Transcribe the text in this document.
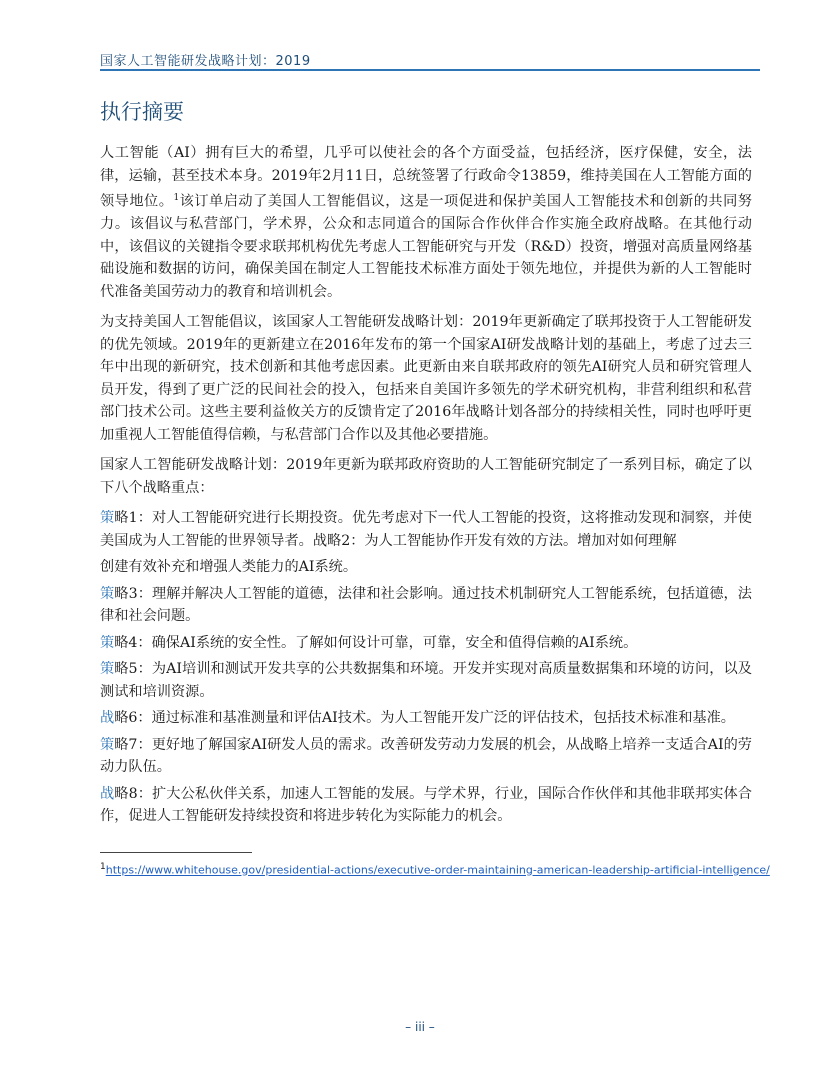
国家人工智能研发战略计划：2019
执行摘要

人工智能（AI）拥有巨大的希望，几乎可以使社会的各个方面受益，包括经济，医疗保健，安全，法律，运输，甚至技术本身。2019年2月11日，总统签署了行政命令13859，维持美国在人工智能方面的领导地位。$^1$该订单启动了美国人工智能倡议，这是一项促进和保护美国人工智能技术和创新的共同努力。该倡议与私营部门，学术界，公众和志同道合的国际合作伙伴合作实施全政府战略。在其他行动中，该倡议的关键指令要求联邦机构优先考虑人工智能研究与开发（R&D）投资，增强对高质量网络基础设施和数据的访问，确保美国在制定人工智能技术标准方面处于领先地位，并提供为新的人工智能时代准备美国劳动力的教育和培训机会。

为支持美国人工智能倡议，该国家人工智能研发战略计划：2019年更新确定了联邦投资于人工智能研发的优先领域。2019年的更新建立在2016年发布的第一个国家AI研发战略计划的基础上，考虑了过去三年中出现的新研究，技术创新和其他考虑因素。此更新由来自联邦政府的领先AI研究人员和研究管理人员开发，得到了更广泛的民间社会的投入，包括来自美国许多领先的学术研究机构，非营利组织和私营部门技术公司。这些主要利益攸关方的反馈肯定了2016年战略计划各部分的持续相关性，同时也呼吁更加重视人工智能值得信赖，与私营部门合作以及其他必要措施。

国家人工智能研发战略计划：2019年更新为联邦政府资助的人工智能研究制定了一系列目标，确定了以下八个战略重点：

策略1：对人工智能研究进行长期投资。优先考虑对下一代人工智能的投资，这将推动发现和洞察，并使美国成为人工智能的世界领导者。战略2：为人工智能协作开发有效的方法。增加对如何理解
创建有效补充和增强人类能力的AI系统。
策略3：理解并解决人工智能的道德，法律和社会影响。通过技术机制研究人工智能系统，包括道德，法律和社会问题。
策略4：确保AI系统的安全性。了解如何设计可靠，可靠，安全和值得信赖的AI系统。
策略5：为AI培训和测试开发共享的公共数据集和环境。开发并实现对高质量数据集和环境的访问，以及测试和培训资源。
战略6：通过标准和基准测量和评估AI技术。为人工智能开发广泛的评估技术，包括技术标准和基准。
策略7：更好地了解国家AI研发人员的需求。改善研发劳动力发展的机会，从战略上培养一支适合AI的劳动力队伍。
战略8：扩大公私伙伴关系，加速人工智能的发展。与学术界，行业，国际合作伙伴和其他非联邦实体合作，促进人工智能研发持续投资和将进步转化为实际能力的机会。
$^1$https://www.whitehouse.gov/presidential-actions/executive-order-maintaining-american-leadership-artificial-intelligence/
– iii –
